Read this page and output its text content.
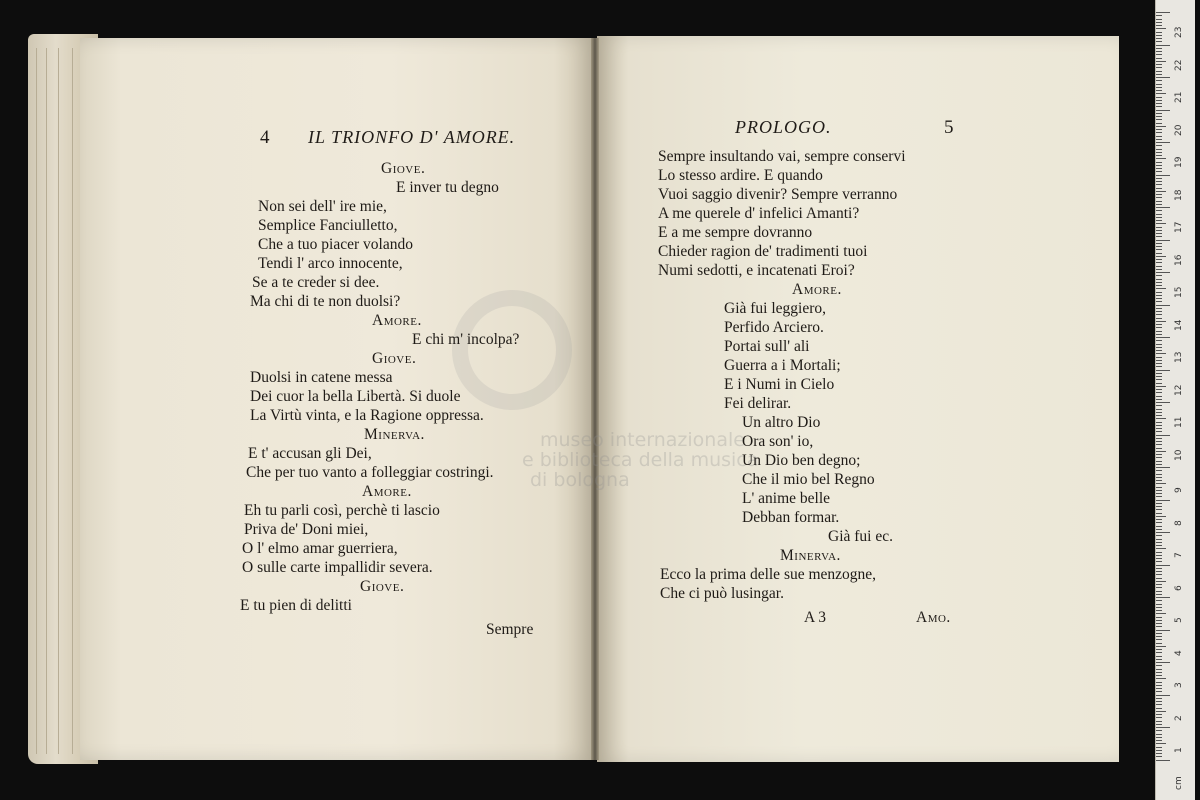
museo internazionale
e biblioteca della musica
di bologna
4 IL TRIONFO D' AMORE.
Giove.
E inver tu degno
Non sei dell' ire mie,
Semplice Fanciulletto,
Che a tuo piacer volando
Tendi l' arco innocente,
Se a te creder si dee.
Ma chi di te non duolsi?
Amore.
E chi m' incolpa?
Giove.
Duolsi in catene messa
Dei cuor la bella Libertà. Si duole
La Virtù vinta, e la Ragione oppressa.
Minerva.
E t' accusan gli Dei,
Che per tuo vanto a folleggiar costringi.
Amore.
Eh tu parli così, perchè ti lascio
Priva de' Doni miei,
O l' elmo amar guerriera,
O sulle carte impallidir severa.
Giove.
E tu pien di delitti
Sempre
PROLOGO.	5
Sempre insultando vai, sempre conservi
Lo stesso ardire. E quando
Vuoi saggio divenir? Sempre verranno
A me querele d' infelici Amanti?
E a me sempre dovranno
Chieder ragion de' tradimenti tuoi
Numi sedotti, e incatenati Eroi?
Amore.
Già fui leggiero,
Perfido Arciero.
Portai sull' ali
Guerra a i Mortali;
E i Numi in Cielo
Fei delirar.
Un altro Dio
Ora son' io,
Un Dio ben degno;
Che il mio bel Regno
L' anime belle
Debban formar.
Già fui ec.
Minerva.
Ecco la prima delle sue menzogne,
Che ci può lusingar.
A 3	Amo.
23
22
21
20
19
18
17
16
15
14
13
12
11
10
9
8
7
6
5
4
3
2
1
cm
